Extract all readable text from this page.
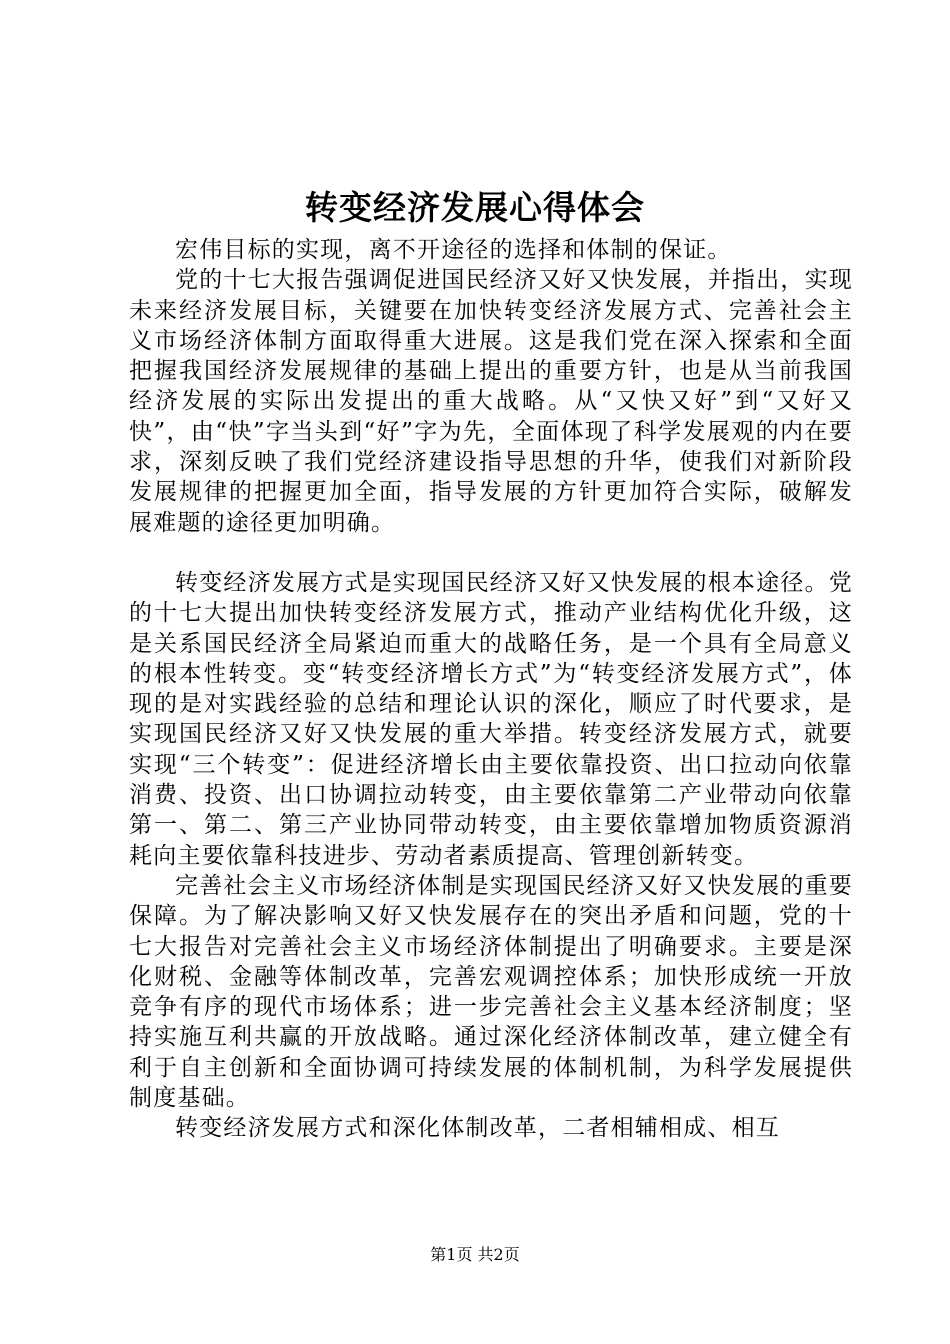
转变经济发展心得体会

宏伟目标的实现，离不开途径的选择和体制的保证。

党的十七大报告强调促进国民经济又好又快发展，并指出，实现未来经济发展目标，关键要在加快转变经济发展方式、完善社会主义市场经济体制方面取得重大进展。这是我们党在深入探索和全面把握我国经济发展规律的基础上提出的重要方针，也是从当前我国经济发展的实际出发提出的重大战略。从“又快又好”到“又好又快”，由“快”字当头到“好”字为先，全面体现了科学发展观的内在要求，深刻反映了我们党经济建设指导思想的升华，使我们对新阶段发展规律的把握更加全面，指导发展的方针更加符合实际，破解发展难题的途径更加明确。

转变经济发展方式是实现国民经济又好又快发展的根本途径。党的十七大提出加快转变经济发展方式，推动产业结构优化升级，这是关系国民经济全局紧迫而重大的战略任务，是一个具有全局意义的根本性转变。变“转变经济增长方式”为“转变经济发展方式”，体现的是对实践经验的总结和理论认识的深化，顺应了时代要求，是实现国民经济又好又快发展的重大举措。转变经济发展方式，就要实现“三个转变”：促进经济增长由主要依靠投资、出口拉动向依靠消费、投资、出口协调拉动转变，由主要依靠第二产业带动向依靠第一、第二、第三产业协同带动转变，由主要依靠增加物质资源消耗向主要依靠科技进步、劳动者素质提高、管理创新转变。

完善社会主义市场经济体制是实现国民经济又好又快发展的重要保障。为了解决影响又好又快发展存在的突出矛盾和问题，党的十七大报告对完善社会主义市场经济体制提出了明确要求。主要是深化财税、金融等体制改革，完善宏观调控体系；加快形成统一开放竞争有序的现代市场体系；进一步完善社会主义基本经济制度；坚持实施互利共赢的开放战略。通过深化经济体制改革，建立健全有利于自主创新和全面协调可持续发展的体制机制，为科学发展提供制度基础。

转变经济发展方式和深化体制改革，二者相辅相成、相互

第1页 共2页
